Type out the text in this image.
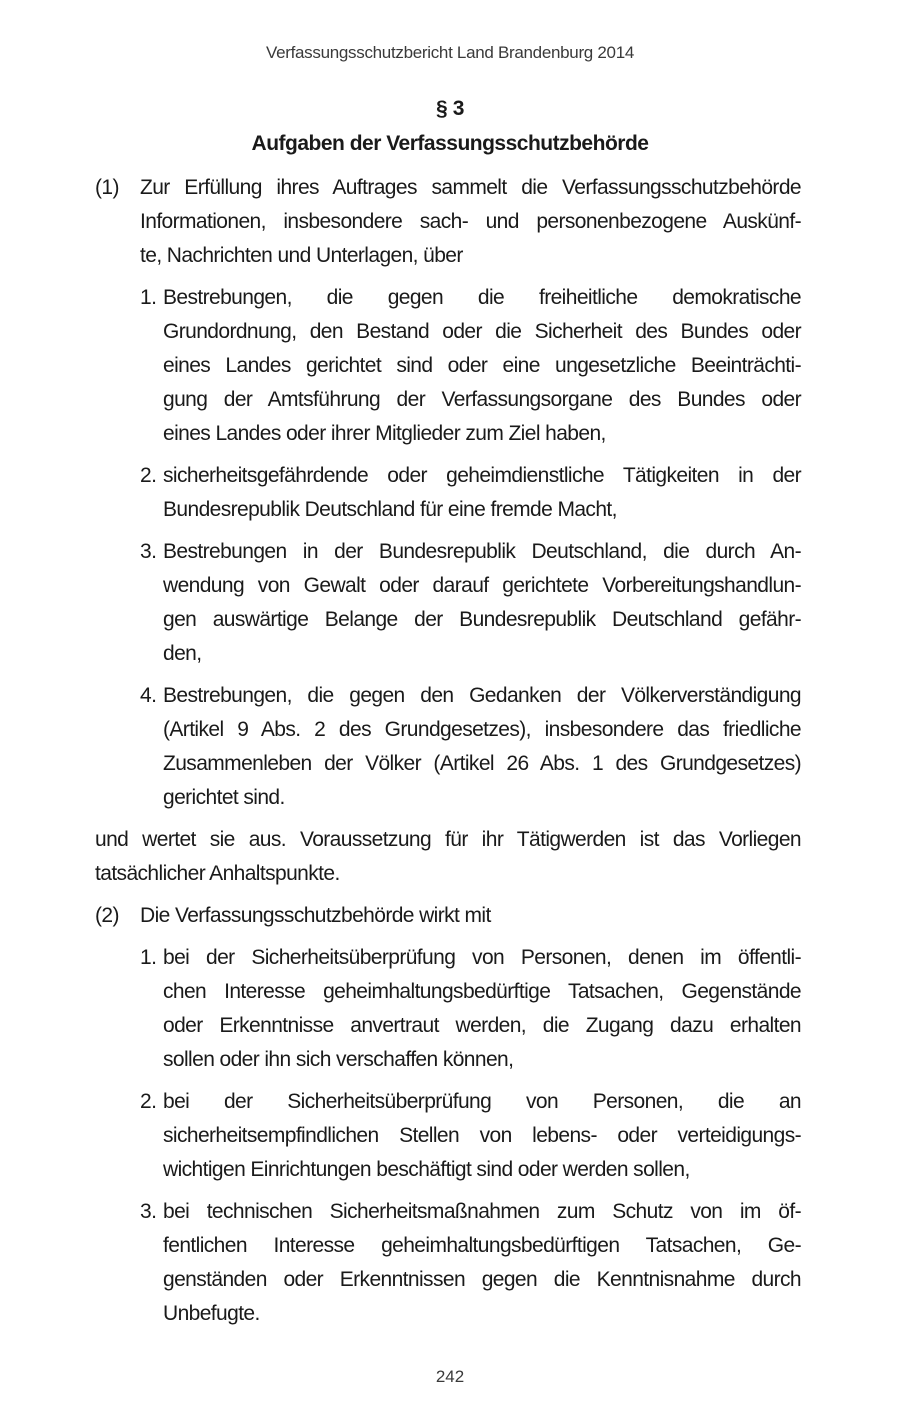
Verfassungsschutzbericht Land Brandenburg 2014
§ 3
Aufgaben der Verfassungsschutzbehörde
(1) Zur Erfüllung ihres Auftrages sammelt die Verfassungsschutzbehörde
Informationen, insbesondere sach- und personenbezogene Auskünf-
te, Nachrichten und Unterlagen, über
1. Bestrebungen, die gegen die freiheitliche demokratische
Grundordnung, den Bestand oder die Sicherheit des Bundes oder
eines Landes gerichtet sind oder eine ungesetzliche Beeinträchti-
gung der Amtsführung der Verfassungsorgane des Bundes oder
eines Landes oder ihrer Mitglieder zum Ziel haben,
2. sicherheitsgefährdende oder geheimdienstliche Tätigkeiten in der
Bundesrepublik Deutschland für eine fremde Macht,
3. Bestrebungen in der Bundesrepublik Deutschland, die durch An-
wendung von Gewalt oder darauf gerichtete Vorbereitungshandlun-
gen auswärtige Belange der Bundesrepublik Deutschland gefähr-
den,
4. Bestrebungen, die gegen den Gedanken der Völkerverständigung
(Artikel 9 Abs. 2 des Grundgesetzes), insbesondere das friedliche
Zusammenleben der Völker (Artikel 26 Abs. 1 des Grundgesetzes)
gerichtet sind.
und wertet sie aus. Voraussetzung für ihr Tätigwerden ist das Vorliegen
tatsächlicher Anhaltspunkte.
(2) Die Verfassungsschutzbehörde wirkt mit
1. bei der Sicherheitsüberprüfung von Personen, denen im öffentli-
chen Interesse geheimhaltungsbedürftige Tatsachen, Gegenstände
oder Erkenntnisse anvertraut werden, die Zugang dazu erhalten
sollen oder ihn sich verschaffen können,
2. bei der Sicherheitsüberprüfung von Personen, die an
sicherheitsempfindlichen Stellen von lebens- oder verteidigungs-
wichtigen Einrichtungen beschäftigt sind oder werden sollen,
3. bei technischen Sicherheitsmaßnahmen zum Schutz von im öf-
fentlichen Interesse geheimhaltungsbedürftigen Tatsachen, Ge-
genständen oder Erkenntnissen gegen die Kenntnisnahme durch
Unbefugte.
242
